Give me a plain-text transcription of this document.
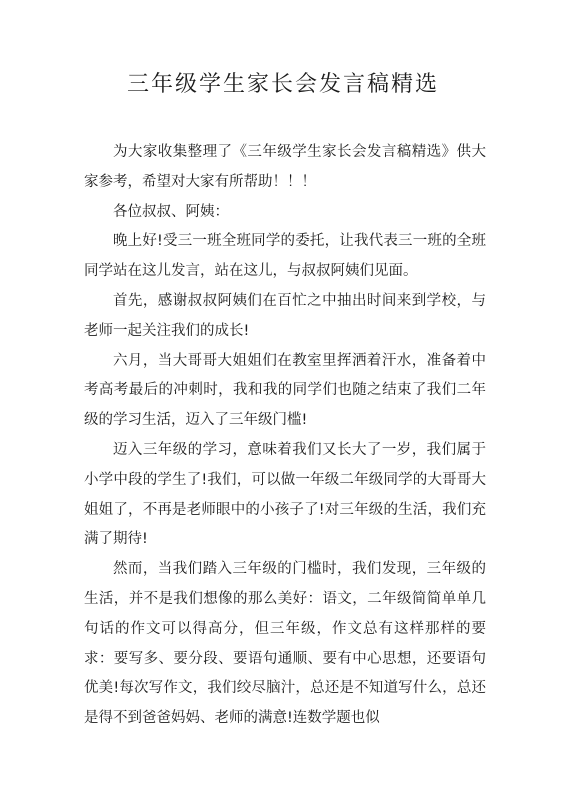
三年级学生家长会发言稿精选

为大家收集整理了《三年级学生家长会发言稿精选》供大家参考，希望对大家有所帮助！！！

各位叔叔、阿姨：

晚上好!受三一班全班同学的委托，让我代表三一班的全班同学站在这儿发言，站在这儿，与叔叔阿姨们见面。

首先，感谢叔叔阿姨们在百忙之中抽出时间来到学校，与老师一起关注我们的成长!

六月，当大哥哥大姐姐们在教室里挥洒着汗水，准备着中考高考最后的冲刺时，我和我的同学们也随之结束了我们二年级的学习生活，迈入了三年级门槛!

迈入三年级的学习，意味着我们又长大了一岁，我们属于小学中段的学生了!我们，可以做一年级二年级同学的大哥哥大姐姐了，不再是老师眼中的小孩子了!对三年级的生活，我们充满了期待!

然而，当我们踏入三年级的门槛时，我们发现，三年级的生活，并不是我们想像的那么美好：语文，二年级简简单单几句话的作文可以得高分，但三年级，作文总有这样那样的要求：要写多、要分段、要语句通顺、要有中心思想，还要语句优美!每次写作文，我们绞尽脑汁，总还是不知道写什么，总还是得不到爸爸妈妈、老师的满意!连数学题也似
